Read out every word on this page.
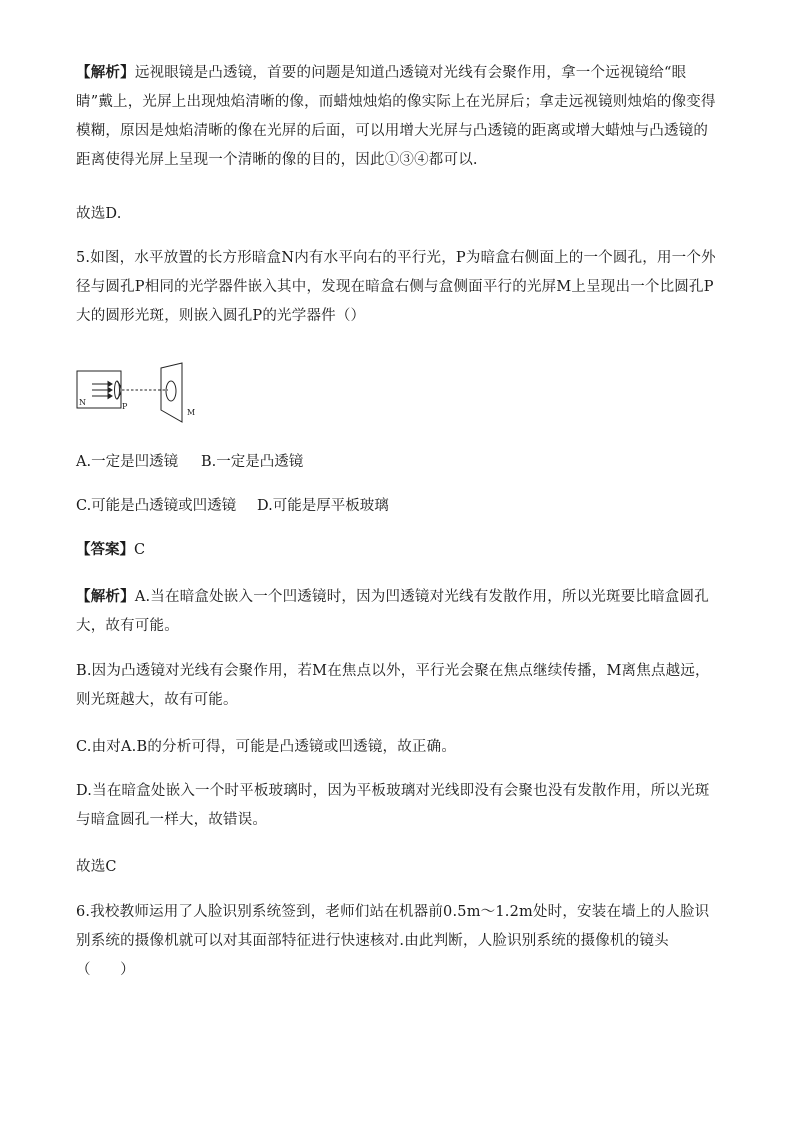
【解析】远视眼镜是凸透镜，首要的问题是知道凸透镜对光线有会聚作用，拿一个远视镜给“眼睛”戴上，光屏上出现烛焰清晰的像，而蜡烛烛焰的像实际上在光屏后；拿走远视镜则烛焰的像变得模糊，原因是烛焰清晰的像在光屏的后面，可以用增大光屏与凸透镜的距离或增大蜡烛与凸透镜的距离使得光屏上呈现一个清晰的像的目的，因此①③④都可以.

故选D.

5.如图，水平放置的长方形暗盒N内有水平向右的平行光，P为暗盒右侧面上的一个圆孔，用一个外径与圆孔P相同的光学器件嵌入其中，发现在暗盒右侧与盒侧面平行的光屏M上呈现出一个比圆孔P大的圆形光斑，则嵌入圆孔P的光学器件（）

N	P
M
A.一定是凹透镜 B.一定是凸透镜
C.可能是凸透镜或凹透镜 D.可能是厚平板玻璃
【答案】C

【解析】A.当在暗盒处嵌入一个凹透镜时，因为凹透镜对光线有发散作用，所以光斑要比暗盒圆孔大，故有可能。

B.因为凸透镜对光线有会聚作用，若M在焦点以外，平行光会聚在焦点继续传播，M离焦点越远，则光斑越大，故有可能。

C.由对A.B的分析可得，可能是凸透镜或凹透镜，故正确。

D.当在暗盒处嵌入一个时平板玻璃时，因为平板玻璃对光线即没有会聚也没有发散作用，所以光斑与暗盒圆孔一样大，故错误。

故选C

6.我校教师运用了人脸识别系统签到，老师们站在机器前0.5m～1.2m处时，安装在墙上的人脸识别系统的摄像机就可以对其面部特征进行快速核对.由此判断，人脸识别系统的摄像机的镜头（　　）
